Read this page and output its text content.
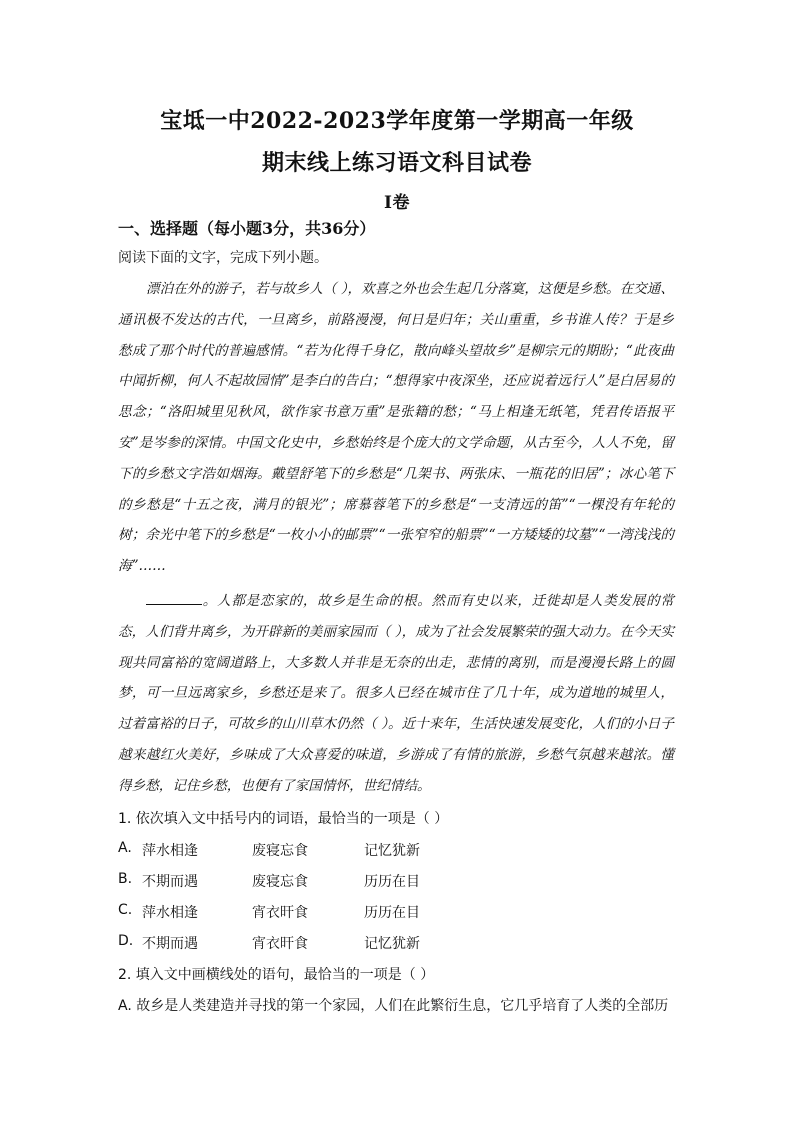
宝坻一中2022-2023学年度第一学期高一年级
期末线上练习语文科目试卷
I卷
一、选择题（每小题3分，共36分）
阅读下面的文字，完成下列小题。
漂泊在外的游子，若与故乡人（ ），欢喜之外也会生起几分落寞，这便是乡愁。在交通、通讯极不发达的古代，一旦离乡，前路漫漫，何日是归年；关山重重，乡书谁人传？于是乡愁成了那个时代的普遍感情。“若为化得千身亿，散向峰头望故乡”是柳宗元的期盼；“此夜曲中闻折柳，何人不起故园情”是李白的告白；“想得家中夜深坐，还应说着远行人”是白居易的思念；“洛阳城里见秋风，欲作家书意万重”是张籍的愁；“马上相逢无纸笔，凭君传语报平安”是岑参的深情。中国文化史中，乡愁始终是个庞大的文学命题，从古至今，人人不免，留下的乡愁文字浩如烟海。戴望舒笔下的乡愁是“几架书、两张床、一瓶花的旧居”；冰心笔下的乡愁是“十五之夜，满月的银光”；席慕蓉笔下的乡愁是“一支清远的笛”“一棵没有年轮的树；余光中笔下的乡愁是“一枚小小的邮票”“一张窄窄的船票”“一方矮矮的坟墓”“一湾浅浅的海”……
。人都是恋家的，故乡是生命的根。然而有史以来，迁徙却是人类发展的常态，人们背井离乡，为开辟新的美丽家园而（ ），成为了社会发展繁荣的强大动力。在今天实现共同富裕的宽阔道路上，大多数人并非是无奈的出走，悲情的离别，而是漫漫长路上的圆梦，可一旦远离家乡，乡愁还是来了。很多人已经在城市住了几十年，成为道地的城里人，过着富裕的日子，可故乡的山川草木仍然（ ）。近十来年，生活快速发展变化，人们的小日子越来越红火美好，乡味成了大众喜爱的味道，乡游成了有情的旅游，乡愁气氛越来越浓。懂得乡愁，记住乡愁，也便有了家国情怀，世纪情结。
1. 依次填入文中括号内的词语，最恰当的一项是（ ）
A. 萍水相逢	废寝忘食	记忆犹新
B. 不期而遇	废寝忘食	历历在目
C. 萍水相逢	宵衣旰食	历历在目
D. 不期而遇	宵衣旰食	记忆犹新
2. 填入文中画横线处的语句，最恰当的一项是（ ）
A. 故乡是人类建造并寻找的第一个家园，人们在此繁衍生息，它几乎培育了人类的全部历
